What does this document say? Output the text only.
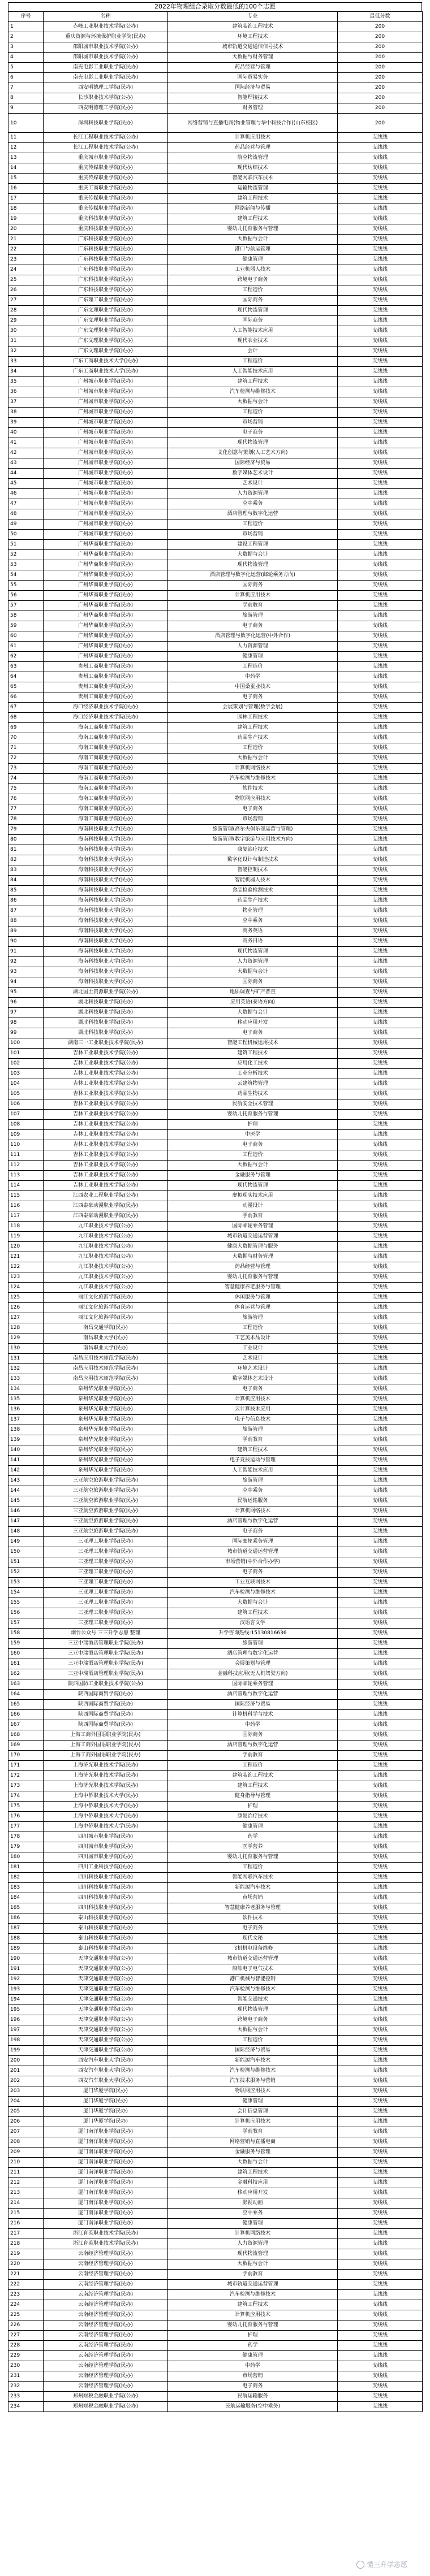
2022年物理组合录取分数最低的100个志愿
序号	名称	专业	最低分数
1	赤峰工业职业技术学院(公办)	建筑装饰工程技术	200
2	重庆资源与环境保护职业学院(民办)	环境工程技术	200
3	邵阳城市职业技术学院(公办)	城市轨道交通通信信号技术	200
4	邵阳城市职业技术学院(公办)	大数据与财务管理	200
5	南充电影工业职业学院(民办)	药品经营与管理	200
6	南充电影工业职业学院(民办)	国际贸易实务	200
7	西安明德理工学院(民办)	国际经济与贸易	200
8	长沙职业技术学院(公办)	智能焊接技术	200
9	西安明德理工学院(民办)	财务管理	200
10	深圳科技职业学院(民办)	网络营销与直播电商(物业管理与华中科技合作)(山东校区)	200
11	长江工程职业技术学院(公办)	计算机应用技术	支线线
12	长江工程职业技术学院(公办)	药品经营与管理	支线线
13	重庆城市职业学院(民办)	航空物流管理	支线线
14	重庆传媒职业学院(民办)	现代纺织技术	支线线
15	重庆传媒职业学院(民办)	智能网联汽车技术	支线线
16	重庆工商职业学院(民办)	运输物流管理	支线线
17	重庆传媒职业学院(民办)	建筑工程技术	支线线
18	重庆传媒职业学院(民办)	网络新闻与传播	支线线
19	重庆科技职业学院(民办)	建筑工程技术	支线线
20	重庆科技职业学院(民办)	婴幼儿托育服务与管理	支线线
21	广东科技职业学院(民办)	大数据与会计	支线线
22	广东科技职业学院(民办)	港口与航运管理	支线线
23	广东科技职业学院(民办)	健康管理	支线线
24	广东科技职业学院(民办)	工业机器人技术	支线线
25	广东科技职业学院(民办)	跨境电子商务	支线线
26	广东科技职业学院(民办)	工程造价	支线线
27	广东理工职业学院(民办)	国际商务	支线线
28	广东文理职业学院(民办)	现代物流管理	支线线
29	广东文理职业学院(民办)	国际商务	支线线
30	广东文理职业学院(民办)	人工智能技术应用	支线线
31	广东文理职业学院(民办)	现代农业技术	支线线
32	广东文理职业学院(民办)	会计	支线线
33	广东工商职业技术大学(民办)	工程造价	支线线
34	广东工商职业技术大学(民办)	人工智能技术应用	支线线
35	广州城市职业学院(民办)	建筑工程技术	支线线
36	广州城市职业学院(民办)	汽车检测与维修技术	支线线
37	广州城市职业学院(民办)	大数据与会计	支线线
38	广州城市职业学院(民办)	工程造价	支线线
39	广州城市职业学院(民办)	市场营销	支线线
40	广州城市职业学院(民办)	电子商务	支线线
41	广州城市职业学院(民办)	现代物流管理	支线线
42	广州城市职业学院(民办)	文化创意与策划(人工艺术方向)	支线线
43	广州城市职业学院(民办)	国际经济与贸易	支线线
44	广州城市职业学院(民办)	数字媒体艺术设计	支线线
45	广州城市职业学院(民办)	艺术设计	支线线
46	广州城市职业学院(民办)	人力资源管理	支线线
47	广州城市职业学院(民办)	空中乘务	支线线
48	广州城市职业学院(民办)	酒店管理与数字化运营	支线线
49	广州城市职业学院(民办)	工程造价	支线线
50	广州城市职业学院(民办)	市场营销	支线线
51	广州华商职业学院(民办)	建设工程管理	支线线
52	广州华商职业学院(民办)	大数据与会计	支线线
53	广州华商职业学院(民办)	现代物流管理	支线线
54	广州华商职业学院(民办)	酒店管理与数字化运营(邮轮乘务方向)	支线线
55	广州华商职业学院(民办)	国际商务	支线线
56	广州华商职业学院(民办)	计算机应用技术	支线线
57	广州华商职业学院(民办)	学前教育	支线线
58	广州华商职业学院(民办)	旅游管理	支线线
59	广州华商职业学院(民办)	电子商务	支线线
60	广州华商职业学院(民办)	酒店管理与数字化运营(中外合作)	支线线
61	广州华商职业学院(民办)	人力资源管理	支线线
62	广州华商职业学院(民办)	健康管理	支线线
63	贵州工商职业学院(民办)	工程造价	支线线
64	贵州工商职业学院(民办)	中药学	支线线
65	贵州工商职业学院(民办)	中国桑蚕业技术	支线线
66	贵州工商职业学院(民办)	电子商务	支线线
67	海口经济职业技术学院(民办)	会展策划与管理(数字会展)	支线线
68	海口经济职业技术学院(民办)	园林工程技术	支线线
69	海南工商职业学院(民办)	建筑工程技术	支线线
70	海南工商职业学院(民办)	药品生产技术	支线线
71	海南工商职业学院(民办)	工程造价	支线线
72	海南工商职业学院(民办)	大数据与会计	支线线
73	海南工商职业学院(民办)	计算机网络技术	支线线
74	海南工商职业学院(民办)	汽车检测与维修技术	支线线
75	海南工商职业学院(民办)	软件技术	支线线
76	海南工商职业学院(民办)	物联网应用技术	支线线
77	海南工商职业学院(民办)	电子商务	支线线
78	海南工商职业学院(民办)	市场营销	支线线
79	海南科技职业大学(民办)	旅游管理(高尔夫俱乐部运营与管理)	支线线
80	海南科技职业大学(民办)	旅游管理(数字旅游与应用技术方向)	支线线
81	海南科技职业大学(民办)	康复治疗技术	支线线
82	海南科技职业大学(民办)	数字化设计与制造技术	支线线
83	海南科技职业大学(民办)	智能控制技术	支线线
84	海南科技职业大学(民办)	智能机器人技术	支线线
85	海南科技职业大学(民办)	食品检验检测技术	支线线
86	海南科技职业大学(民办)	药品生产技术	支线线
87	海南科技职业大学(民办)	物业管理	支线线
88	海南科技职业大学(民办)	空中乘务	支线线
89	海南科技职业大学(民办)	商务英语	支线线
90	海南科技职业大学(民办)	商务日语	支线线
91	海南科技职业大学(民办)	现代物流管理	支线线
92	海南科技职业大学(民办)	人力资源管理	支线线
93	海南科技职业大学(民办)	大数据与会计	支线线
94	海南科技职业大学(民办)	国际商务	支线线
95	湖北国土资源职业学院(公办)	地质调查与矿产普查	支线线
96	湖北科技职业学院(民办)	应用英语(泰语方向)	支线线
97	湖北科技职业学院(民办)	大数据与会计	支线线
98	湖北科技职业学院(民办)	移动应用开发	支线线
99	湖北科技职业学院(民办)	电子商务	支线线
100	湖南三一工业职业技术学院(民办)	智能工程机械运用技术	支线线
101	吉林工业职业技术学院(公办)	建筑工程技术	支线线
102	吉林工业职业技术学院(公办)	应用化工技术	支线线
103	吉林工业职业技术学院(公办)	工业分析技术	支线线
104	吉林工业职业技术学院(公办)	云建筑物管理	支线线
105	吉林工业职业技术学院(公办)	药品生物技术	支线线
106	吉林工业职业技术学院(公办)	民航安全技术管理	支线线
107	吉林工业职业技术学院(公办)	婴幼儿托育服务与管理	支线线
108	吉林工业职业技术学院(公办)	护理	支线线
109	吉林工业职业技术学院(公办)	中医学	支线线
110	吉林工业职业技术学院(公办)	电子商务	支线线
111	吉林工业职业技术学院(公办)	工程造价	支线线
112	吉林工业职业技术学院(公办)	大数据与会计	支线线
113	吉林工业职业技术学院(公办)	金融服务与管理	支线线
114	吉林工业职业技术学院(公办)	现代物流管理	支线线
115	江西农业工程职业学院(公办)	虚拟现实技术应用	支线线
116	江西泰豪动漫职业学院(民办)	动漫设计	支线线
117	江西泰豪动漫职业学院(民办)	学前教育	支线线
118	九江职业技术学院(公办)	国际邮轮乘务管理	支线线
119	九江职业技术学院(公办)	城市轨道交通运营管理	支线线
120	九江职业技术学院(公办)	健康大数据管理与服务	支线线
121	九江职业技术学院(公办)	大数据与财务管理	支线线
122	九江职业技术学院(公办)	药品经营与管理	支线线
123	九江职业技术学院(公办)	婴幼儿托育服务与管理	支线线
124	九江职业技术学院(公办)	智慧健康养老服务与管理	支线线
125	丽江文化旅游学院(民办)	休闲服务与管理	支线线
126	丽江文化旅游学院(民办)	体育运营与管理	支线线
127	丽江文化旅游学院(民办)	旅游管理	支线线
128	南昌交通学院(民办)	工程造价	支线线
129	南昌职业大学(民办)	工艺美术品设计	支线线
130	南昌职业大学(民办)	工业设计	支线线
131	南昌应用技术师范学院(民办)	艺术设计	支线线
132	南昌应用技术师范学院(民办)	环境艺术设计	支线线
133	南昌应用技术师范学院(民办)	数字媒体艺术设计	支线线
134	泉州华光职业学院(民办)	电子商务	支线线
135	泉州华光职业学院(民办)	计算机应用技术	支线线
136	泉州华光职业学院(民办)	云计算技术应用	支线线
137	泉州华光职业学院(民办)	电子与信息技术	支线线
138	泉州华光职业学院(民办)	旅游管理	支线线
139	泉州华光职业学院(民办)	学前教育	支线线
140	泉州华光职业学院(民办)	建筑工程技术	支线线
141	泉州华光职业学院(民办)	电子竞技运动与管理	支线线
142	泉州华光职业学院(民办)	人工智能技术应用	支线线
143	三亚航空旅游职业学院(民办)	旅游管理	支线线
144	三亚航空旅游职业学院(民办)	空中乘务	支线线
145	三亚航空旅游职业学院(民办)	民航运输服务	支线线
146	三亚航空旅游职业学院(民办)	计算机网络技术	支线线
147	三亚航空旅游职业学院(民办)	酒店管理与数字化运营	支线线
148	三亚航空旅游职业学院(民办)	电子商务	支线线
149	三亚理工职业学院(民办)	国际邮轮乘务管理	支线线
150	三亚理工职业学院(民办)	城市轨道交通运营管理	支线线
151	三亚理工职业学院(民办)	市场营销(中外合作办学)	支线线
152	三亚理工职业学院(民办)	电子商务	支线线
153	三亚理工职业学院(民办)	工业互联网技术	支线线
154	三亚理工职业学院(民办)	汽车检测与维修技术	支线线
155	三亚理工职业学院(民办)	大数据与会计	支线线
156	三亚理工职业学院(民办)	建筑工程技术	支线线
157	三亚理工职业学院(民办)	汉语言文学	支线线
158	烟台公众号 三三升学志愿 整理	升学咨询热线:15130816636	支线线
159	三亚中瑞酒店管理职业学院(民办)	旅游管理	支线线
160	三亚中瑞酒店管理职业学院(民办)	酒店管理与数字化运营	支线线
161	三亚中瑞酒店管理职业学院(民办)	会展策划与管理	支线线
162	三亚中瑞酒店管理职业学院(民办)	金融科技应用(无人机驾驶方向)	支线线
163	陕西国防工业职业技术学院(公办)	国际邮轮乘务管理	支线线
164	陕西国际商贸学院(民办)	酒店管理与数字化运营	支线线
165	陕西国际商贸学院(民办)	国际经济与贸易	支线线
166	陕西国际商贸学院(民办)	计算机科学与技术	支线线
167	陕西国际商贸学院(民办)	中药学	支线线
168	上海工商外国语职业学院(民办)	国际商务	支线线
169	上海工商外国语职业学院(民办)	酒店管理与数字化运营	支线线
170	上海工商外国语职业学院(民办)	学前教育	支线线
171	上海济光职业技术学院(民办)	工程造价	支线线
172	上海济光职业技术学院(民办)	建筑装饰工程技术	支线线
173	上海济光职业技术学院(民办)	建筑工程技术	支线线
174	上海中侨职业技术大学(民办)	健身指导与管理	支线线
175	上海中侨职业技术大学(民办)	护理	支线线
176	上海中侨职业技术大学(民办)	康复治疗技术	支线线
177	上海中侨职业技术大学(民办)	健康管理	支线线
178	四川城市职业学院(民办)	药学	支线线
179	四川城市职业学院(民办)	医学营养	支线线
180	四川城市职业学院(民办)	婴幼儿托育服务与管理	支线线
181	四川工业科技学院(民办)	工程造价	支线线
182	四川科技职业学院(民办)	智能网联汽车技术	支线线
183	四川科技职业学院(民办)	新能源汽车技术	支线线
184	四川科技职业学院(民办)	市场营销	支线线
185	四川科技职业学院(民办)	智慧健康养老服务与管理	支线线
186	泰山科技职业学院(民办)	软件技术	支线线
187	泰山科技职业学院(民办)	电子商务	支线线
188	泰山科技职业学院(民办)	现代文秘	支线线
189	泰山科技职业学院(民办)	飞机机电设备维修	支线线
190	天津交通职业学院(公办)	城市轨道交通运营管理	支线线
191	天津交通职业学院(公办)	船舶电子电气技术	支线线
192	天津交通职业学院(公办)	港口机械与智能控制	支线线
193	天津交通职业学院(公办)	汽车检测与维修技术	支线线
194	天津交通职业学院(公办)	智能交通技术	支线线
195	天津交通职业学院(公办)	现代物流管理	支线线
196	天津交通职业学院(公办)	跨境电子商务	支线线
197	天津交通职业学院(公办)	大数据与会计	支线线
198	天津交通职业学院(公办)	工程造价	支线线
199	天津交通职业学院(公办)	国际经济与贸易	支线线
200	西安汽车职业大学(民办)	新能源汽车技术	支线线
201	西安汽车职业大学(民办)	汽车检测与维修技术	支线线
202	西安汽车职业大学(民办)	汽车技术服务与营销	支线线
203	厦门华厦学院(民办)	物联网应用技术	支线线
204	厦门华厦学院(民办)	健康管理	支线线
205	厦门华厦学院(民办)	会计信息管理	支线线
206	厦门华厦学院(民办)	计算机应用技术	支线线
207	厦门南洋职业学院(民办)	学前教育	支线线
208	厦门南洋职业学院(民办)	网络营销与直播电商	支线线
209	厦门南洋职业学院(民办)	金融服务与管理	支线线
210	厦门南洋职业学院(民办)	大数据与会计	支线线
211	厦门南洋职业学院(民办)	建筑工程技术	支线线
212	厦门南洋职业学院(民办)	金融科技应用	支线线
213	厦门南洋职业学院(民办)	移动应用开发	支线线
214	厦门南洋职业学院(民办)	影视动画	支线线
215	厦门南洋职业学院(民办)	空中乘务	支线线
216	厦门南洋职业学院(民办)	健康管理	支线线
217	浙江育英职业技术学院(民办)	计算机网络技术	支线线
218	浙江育英职业技术学院(民办)	人力资源管理	支线线
219	云南经济管理学院(民办)	现代物流管理	支线线
220	云南经济管理学院(民办)	大数据与会计	支线线
221	云南经济管理学院(民办)	学前教育	支线线
222	云南经济管理学院(民办)	城市轨道交通运营管理	支线线
223	云南经济管理学院(民办)	汽车检测与维修技术	支线线
224	云南经济管理学院(民办)	建筑工程技术	支线线
225	云南经济管理学院(民办)	计算机应用技术	支线线
226	云南经济管理学院(民办)	婴幼儿托育服务与管理	支线线
227	云南经济管理学院(民办)	护理	支线线
228	云南经济管理学院(民办)	药学	支线线
229	云南经济管理学院(民办)	健康管理	支线线
230	云南经济管理学院(民办)	中药学	支线线
231	云南经济管理学院(民办)	市场营销	支线线
232	云南经济管理学院(民办)	电子商务	支线线
233	郑州财税金融职业学院(公办)	民航运输服务	支线线
234	郑州财税金融职业学院(公办)	民航运输服务(空中乘务)	支线线
懂三升学志愿
